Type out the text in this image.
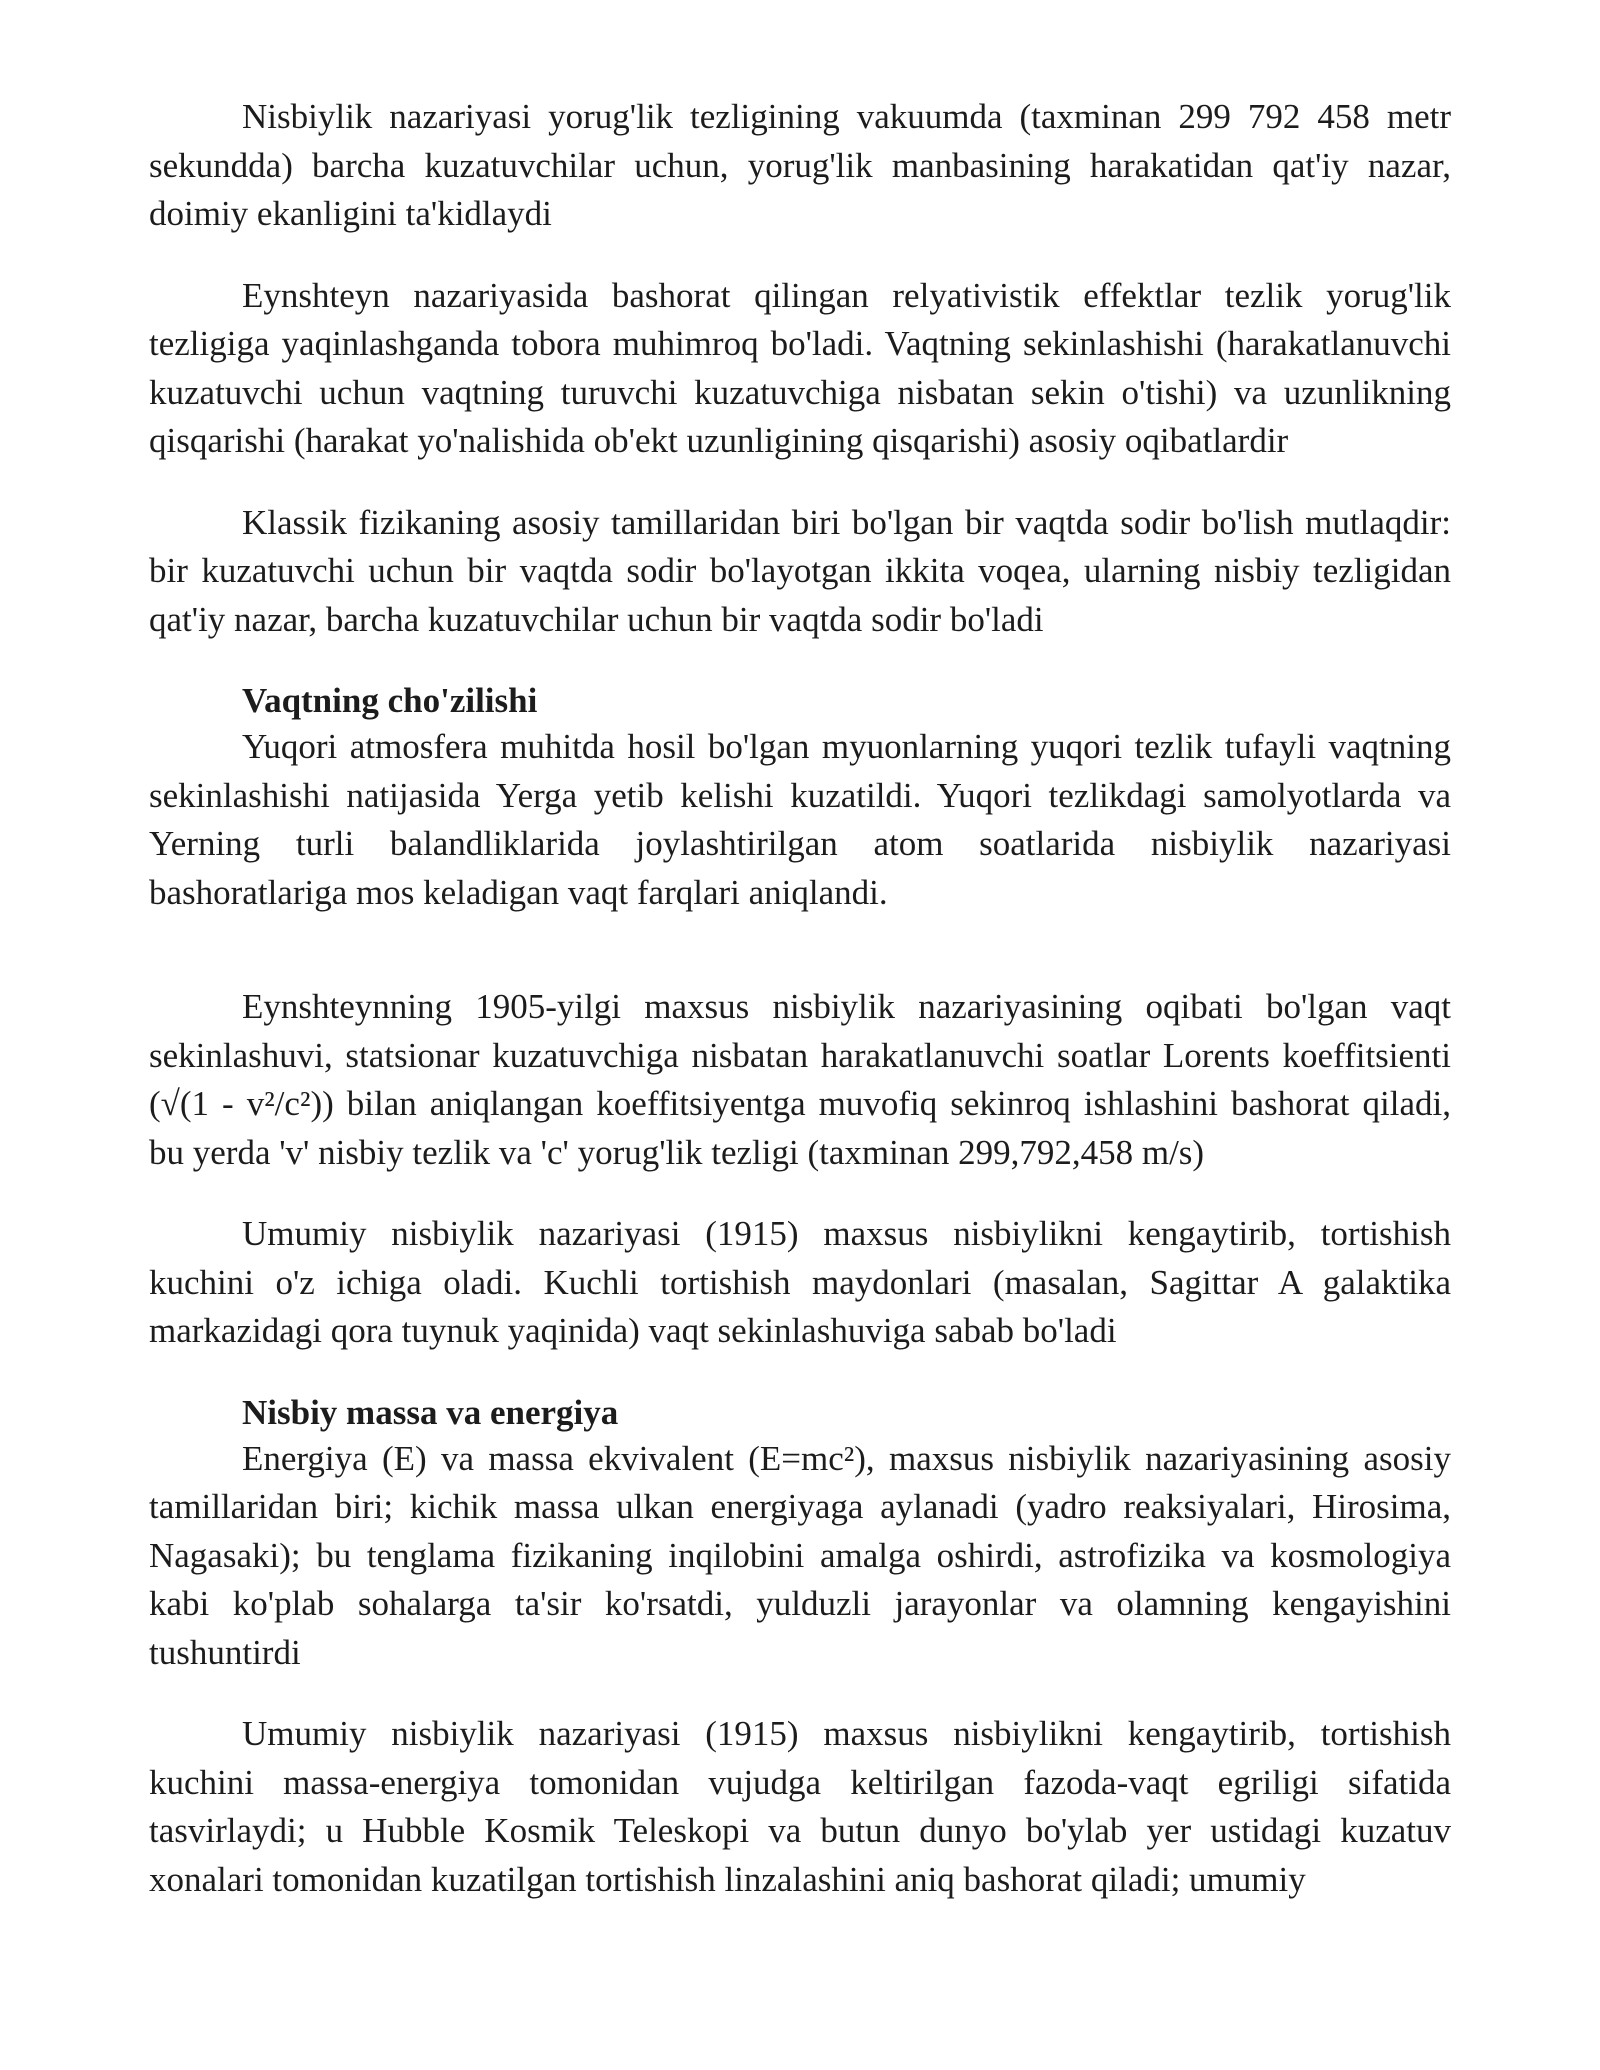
Nisbiylik nazariyasi yorug'lik tezligining vakuumda (taxminan 299 792 458 metr sekundda) barcha kuzatuvchilar uchun, yorug'lik manbasining harakatidan qat'iy nazar, doimiy ekanligini ta'kidlaydi

Eynshteyn nazariyasida bashorat qilingan relyativistik effektlar tezlik yorug'lik tezligiga yaqinlashganda tobora muhimroq bo'ladi. Vaqtning sekinlashishi (harakatlanuvchi kuzatuvchi uchun vaqtning turuvchi kuzatuvchiga nisbatan sekin o'tishi) va uzunlikning qisqarishi (harakat yo'nalishida ob'ekt uzunligining qisqarishi) asosiy oqibatlardir

Klassik fizikaning asosiy tamillaridan biri bo'lgan bir vaqtda sodir bo'lish mutlaqdir: bir kuzatuvchi uchun bir vaqtda sodir bo'layotgan ikkita voqea, ularning nisbiy tezligidan qat'iy nazar, barcha kuzatuvchilar uchun bir vaqtda sodir bo'ladi

Vaqtning cho'zilishi

Yuqori atmosfera muhitda hosil bo'lgan myuonlarning yuqori tezlik tufayli vaqtning sekinlashishi natijasida Yerga yetib kelishi kuzatildi. Yuqori tezlikdagi samolyotlarda va Yerning turli balandliklarida joylashtirilgan atom soatlarida nisbiylik nazariyasi bashoratlariga mos keladigan vaqt farqlari aniqlandi.

Eynshteynning 1905-yilgi maxsus nisbiylik nazariyasining oqibati bo'lgan vaqt sekinlashuvi, statsionar kuzatuvchiga nisbatan harakatlanuvchi soatlar Lorents koeffitsienti (√(1 - v²/c²)) bilan aniqlangan koeffitsiyentga muvofiq sekinroq ishlashini bashorat qiladi, bu yerda 'v' nisbiy tezlik va 'c' yorug'lik tezligi (taxminan 299,792,458 m/s)

Umumiy nisbiylik nazariyasi (1915) maxsus nisbiylikni kengaytirib, tortishish kuchini o'z ichiga oladi. Kuchli tortishish maydonlari (masalan, Sagittar A galaktika markazidagi qora tuynuk yaqinida) vaqt sekinlashuviga sabab bo'ladi

Nisbiy massa va energiya

Energiya (E) va massa ekvivalent (E=mc²), maxsus nisbiylik nazariyasining asosiy tamillaridan biri; kichik massa ulkan energiyaga aylanadi (yadro reaksiyalari, Hirosima, Nagasaki); bu tenglama fizikaning inqilobini amalga oshirdi, astrofizika va kosmologiya kabi ko'plab sohalarga ta'sir ko'rsatdi, yulduzli jarayonlar va olamning kengayishini tushuntirdi

Umumiy nisbiylik nazariyasi (1915) maxsus nisbiylikni kengaytirib, tortishish kuchini massa-energiya tomonidan vujudga keltirilgan fazoda-vaqt egriligi sifatida tasvirlaydi; u Hubble Kosmik Teleskopi va butun dunyo bo'ylab yer ustidagi kuzatuv xonalari tomonidan kuzatilgan tortishish linzalashini aniq bashorat qiladi; umumiy
